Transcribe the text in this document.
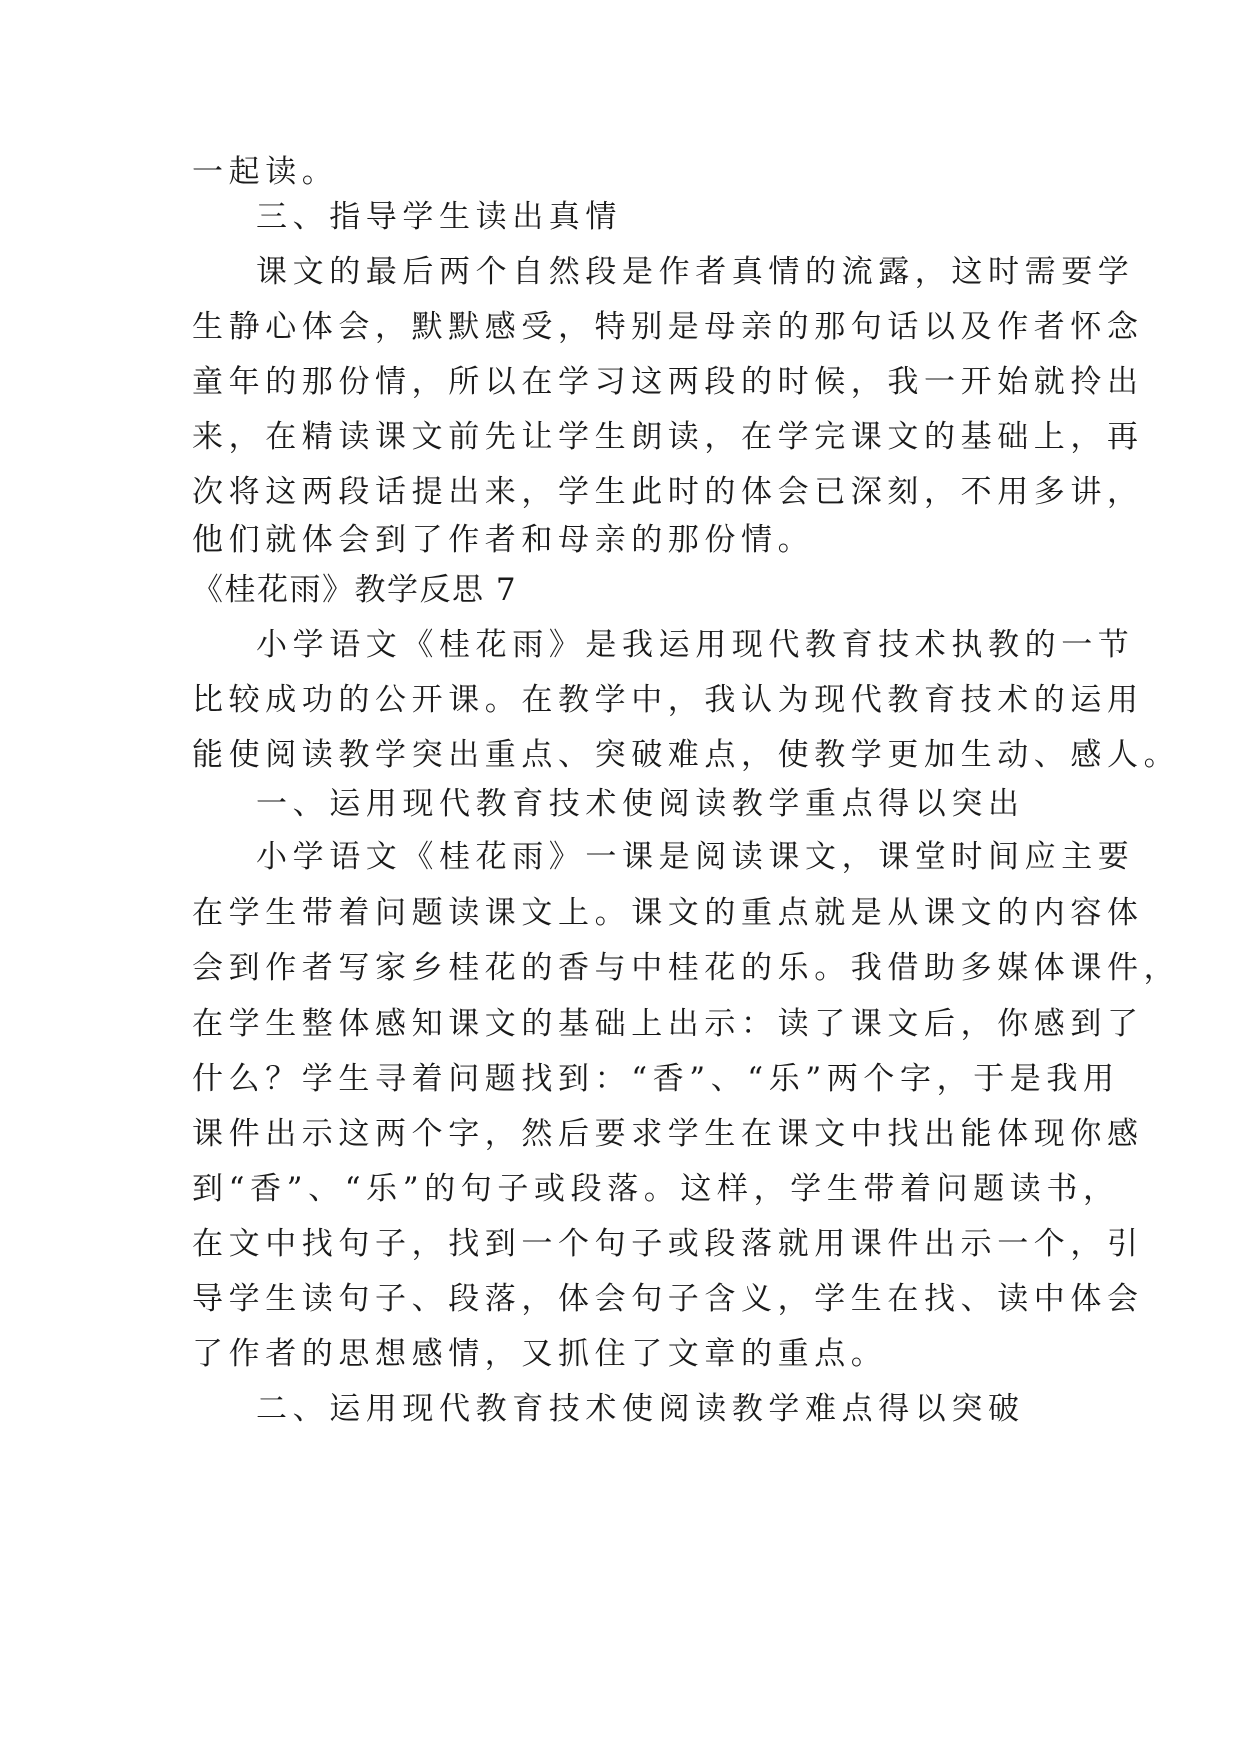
一起读。
三、指导学生读出真情
课文的最后两个自然段是作者真情的流露，这时需要学
生静心体会，默默感受，特别是母亲的那句话以及作者怀念
童年的那份情，所以在学习这两段的时候，我一开始就拎出
来，在精读课文前先让学生朗读，在学完课文的基础上，再
次将这两段话提出来，学生此时的体会已深刻，不用多讲，
他们就体会到了作者和母亲的那份情。
《桂花雨》教学反思 7
小学语文《桂花雨》是我运用现代教育技术执教的一节
比较成功的公开课。在教学中，我认为现代教育技术的运用
能使阅读教学突出重点、突破难点，使教学更加生动、感人。
一、运用现代教育技术使阅读教学重点得以突出
小学语文《桂花雨》一课是阅读课文，课堂时间应主要
在学生带着问题读课文上。课文的重点就是从课文的内容体
会到作者写家乡桂花的香与中桂花的乐。我借助多媒体课件，
在学生整体感知课文的基础上出示：读了课文后，你感到了
什么？学生寻着问题找到：“香”、“乐”两个字，于是我用
课件出示这两个字，然后要求学生在课文中找出能体现你感
到“香”、“乐”的句子或段落。这样，学生带着问题读书，
在文中找句子，找到一个句子或段落就用课件出示一个，引
导学生读句子、段落，体会句子含义，学生在找、读中体会
了作者的思想感情，又抓住了文章的重点。
二、运用现代教育技术使阅读教学难点得以突破
